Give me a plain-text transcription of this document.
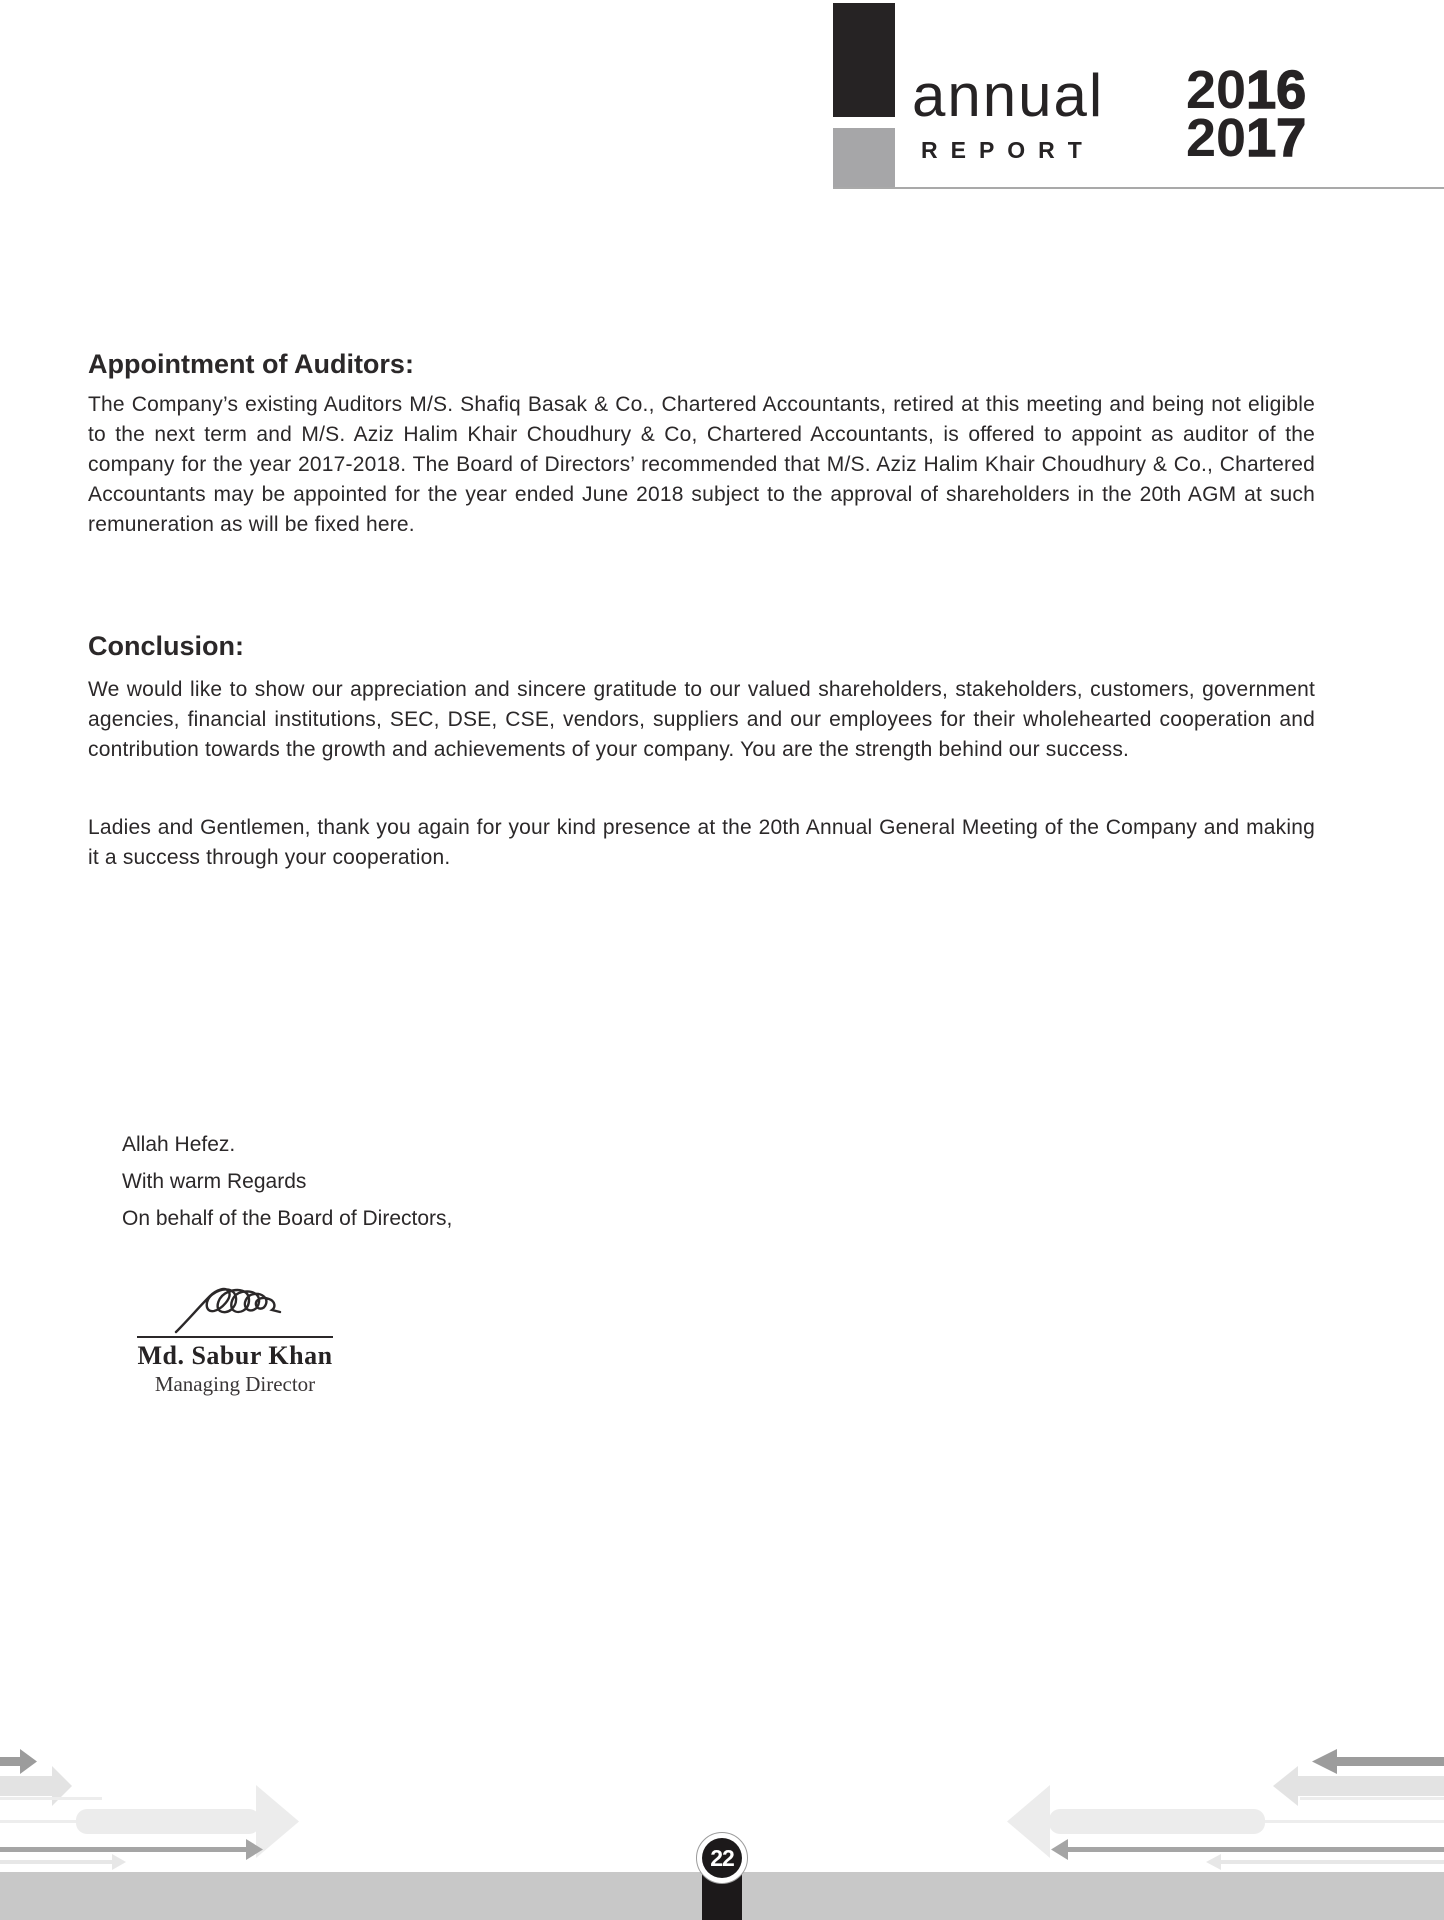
annual
REPORT
2016
2017
Appointment of Auditors:

The Company’s existing Auditors M/S. Shafiq Basak & Co., Chartered Accountants, retired at this meeting and being not eligible to the next term and M/S. Aziz Halim Khair Choudhury & Co, Chartered Accountants, is offered to appoint as auditor of the company for the year 2017-2018. The Board of Directors’ recommended that M/S. Aziz Halim Khair Choudhury & Co., Chartered Accountants may be appointed for the year ended June 2018 subject to the approval of shareholders in the 20th AGM at such remuneration as will be fixed here.

Conclusion:

We would like to show our appreciation and sincere gratitude to our valued shareholders, stakeholders, customers, government agencies, financial institutions, SEC, DSE, CSE, vendors, suppliers and our employees for their wholehearted cooperation and contribution towards the growth and achievements of your company. You are the strength behind our success.

Ladies and Gentlemen, thank you again for your kind presence at the 20th Annual General Meeting of the Company and making it a success through your cooperation.

Allah Hefez.
With warm Regards
On behalf of the Board of Directors,
Md. Sabur Khan
Managing Director
22
